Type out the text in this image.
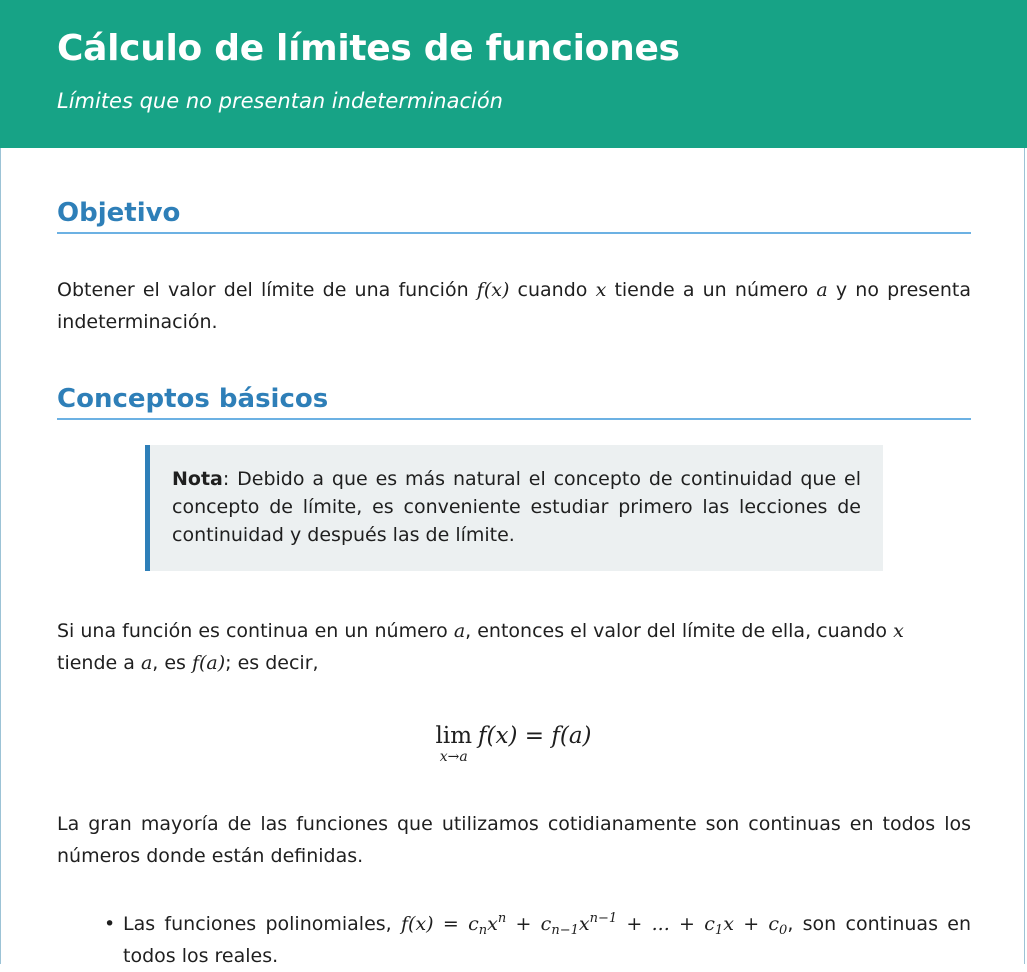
Cálculo de límites de funciones

Límites que no presentan indeterminación

Objetivo

Obtener el valor del límite de una función f(x) cuando x tiende a un número a y no presenta indeterminación.

Conceptos básicos
Nota: Debido a que es más natural el concepto de continuidad que el concepto de límite, es conveniente estudiar primero las lecciones de continuidad y después las de límite.

Si una función es continua en un número a, entonces el valor del límite de ella, cuando x
tiende a a, es f(a); es decir,

lim
x→a
f(x) = f(a)

La gran mayoría de las funciones que utilizamos cotidianamente son continuas en todos los números donde están definidas.

• Las funciones polinomiales, $f(x) = c_nx^n + c_{n-1}x^{n-1}$ + ... + $c_1x + c_0$, son continuas en todos los reales.
